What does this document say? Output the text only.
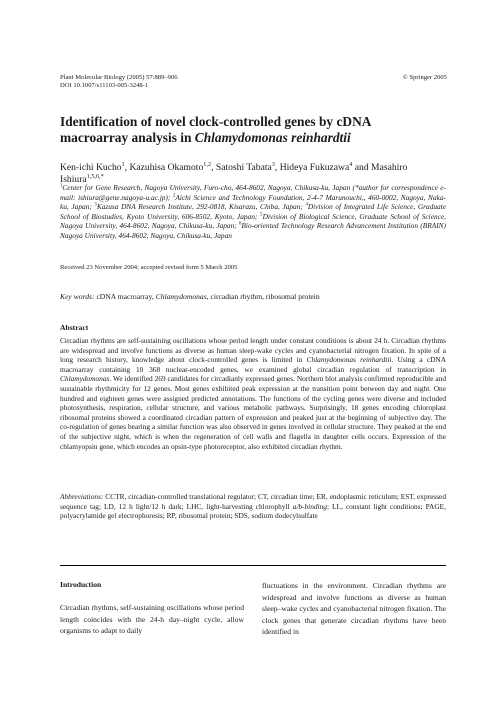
Plant Molecular Biology (2005) 57:889–906
DOI 10.1007/s11103-005-3248-1
© Springer 2005
Identification of novel clock-controlled genes by cDNA macroarray analysis in Chlamydomonas reinhardtii
Ken-ichi Kucho$^1$, Kazuhisa Okamoto$^{1,2}$, Satoshi Tabata$^3$, Hideya Fukuzawa$^4$ and Masahiro Ishiura$^{1,5,6,*}$
$^1$Center for Gene Research, Nagoya University, Furo-cho, 464-8602, Nagoya, Chikusa-ku, Japan (*author for correspondence e-mail: ishiura@gene.nagoya-u.ac.jp); $^2$Aichi Science and Technology Foundation, 2-4-7 Marunouchi,, 460-0002, Nagoya, Naka-ku, Japan; $^3$Kazusa DNA Research Institute, 292-0818, Kisarazu, Chiba, Japan; $^4$Division of Integrated Life Science, Graduate School of Biostudies, Kyoto University, 606-8502, Kyoto, Japan; $^5$Division of Biological Science, Graduate School of Science, Nagoya University, 464-8602, Nagoya, Chikusa-ku, Japan; $^6$Bio-oriented Technology Research Advancement Institution (BRAIN) Nagoya University, 464-8602, Nagoya, Chikusa-ku, Japan
Received 23 November 2004; accepted revised form 5 March 2005
Key words: cDNA macroarray, Chlamydomonas, circadian rhythm, ribosomal protein
Abstract
Circadian rhythms are self-sustaining oscillations whose period length under constant conditions is about 24 h. Circadian rhythms are widespread and involve functions as diverse as human sleep-wake cycles and cyanobacterial nitrogen fixation. In spite of a long research history, knowledge about clock-controlled genes is limited in Chlamydomonas reinhardtii. Using a cDNA macroarray containing 10 368 nuclear-encoded genes, we examined global circadian regulation of transcription in Chlamydomonas. We identified 269 candidates for circadianly expressed genes. Northern blot analysis confirmed reproducible and sustainable rhythmicity for 12 genes. Most genes exhibited peak expression at the transition point between day and night. One hundred and eighteen genes were assigned predicted annotations. The functions of the cycling genes were diverse and included photosynthesis, respiration, cellular structure, and various metabolic pathways. Surprisingly, 18 genes encoding chloroplast ribosomal proteins showed a coordinated circadian pattern of expression and peaked just at the beginning of subjective day. The co-regulation of genes bearing a similar function was also observed in genes involved in cellular structure. They peaked at the end of the subjective night, which is when the regeneration of cell walls and flagella in daughter cells occurs. Expression of the chlamyopsin gene, which encodes an opsin-type photoreceptor, also exhibited circadian rhythm.
Abbreviations: CCTR, circadian-controlled translational regulator; CT, circadian time; ER, endoplasmic reticulum; EST, expressed sequence tag; LD, 12 h light/12 h dark; LHC, light-harvesting chlorophyll a/b-binding; LL, constant light conditions; PAGE, polyacrylamide gel electrophoresis; RP, ribosomal protein; SDS, sodium dodecylsulfate
Introduction
Circadian rhythms, self-sustaining oscillations whose period length coincides with the 24-h day–night cycle, allow organisms to adapt to daily
fluctuations in the environment. Circadian rhythms are widespread and involve functions as diverse as human sleep–wake cycles and cyanobacterial nitrogen fixation. The clock genes that generate circadian rhythms have been identified in
